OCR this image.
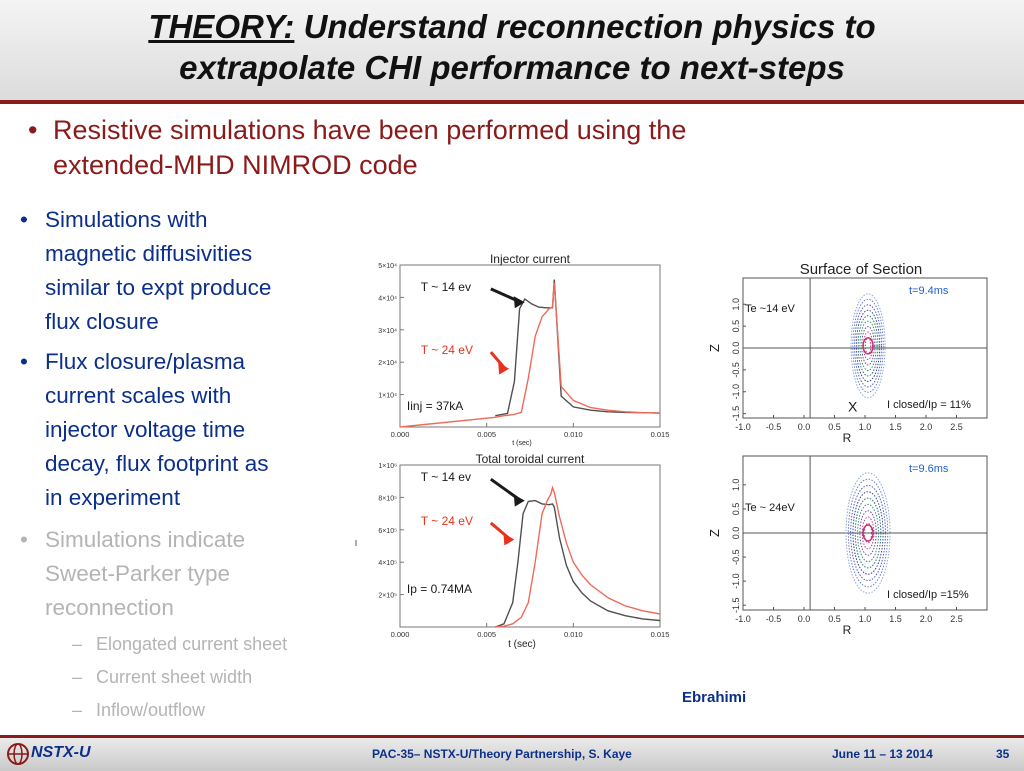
THEORY: Understand reconnection physics to
extrapolate CHI performance to next-steps
• Resistive simulations have been performed using the
extended-MHD NIMROD code
• Simulations with
magnetic diffusivities
similar to expt produce
flux closure
• Flux closure/plasma
current scales with
injector voltage time
decay, flux footprint as
in experiment
• Simulations indicate
Sweet-Parker type
reconnection
– Elongated current sheet
– Current sheet width
– Inflow/outflow
Injector current
1×10⁴
2×10⁴
3×10⁴
4×10⁴
5×10⁴
0.000	0.005	0.010	0.015
t (sec)
T ~ 14 ev
T ~ 24 eV
Iinj = 37kA
Total toroidal current
2×10⁵
4×10⁵
6×10⁵
8×10⁵
1×10⁶
0.000	0.005	0.010	0.015
t (sec)
I
T ~ 14 ev
T ~ 24 eV
Ip = 0.74MA
Surface of Section
-1.0 -0.5 0.0 0.5 1.0 1.5 2.0 2.5
1.0
0.5
0.0
-0.5
-1.0
-1.5
R
Z
t=9.4ms
Te ~14 eV
I closed/Ip = 11%
X
-1.0 -0.5 0.0 0.5 1.0 1.5 2.0 2.5
1.0
0.5
0.0
-0.5
-1.0
-1.5
R
Z
t=9.6ms
Te ~ 24eV
I closed/Ip =15%
Ebrahimi
NSTX-U	PAC-35– NSTX-U/Theory Partnership, S. Kaye	June 11 – 13 2014	35
